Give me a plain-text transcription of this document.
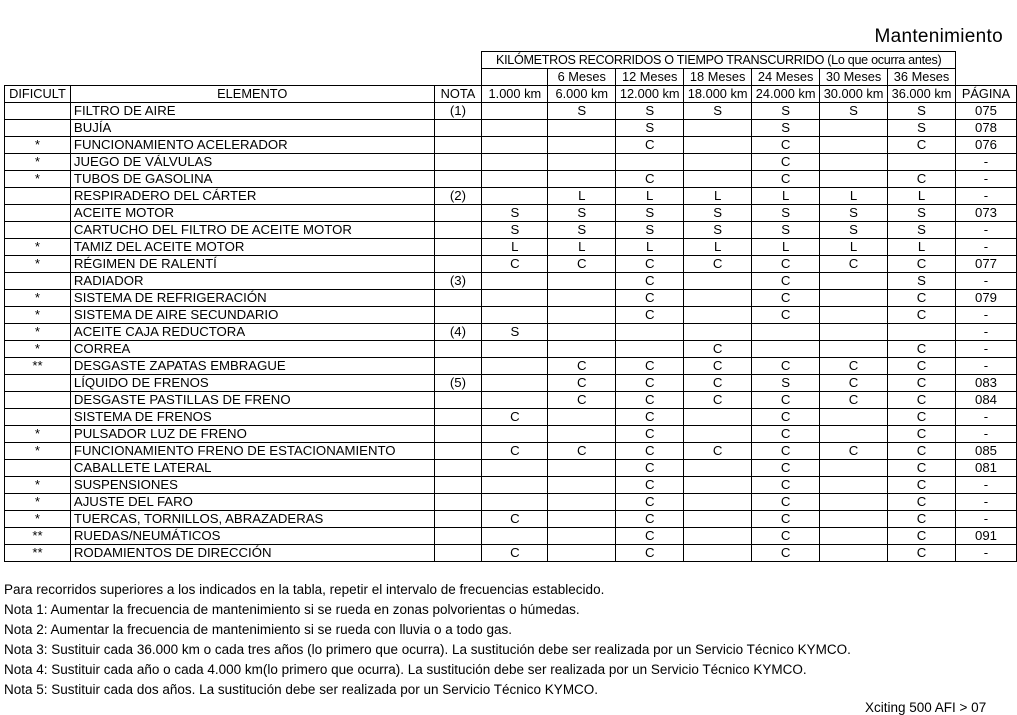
Mantenimiento
			KILÓMETROS RECORRIDOS O TIEMPO TRANSCURRIDO (Lo que ocurra antes)							
				6 Meses	12 Meses	18 Meses	24 Meses	30 Meses	36 Meses	
DIFICULT	ELEMENTO	NOTA	1.000 km	6.000 km	12.000 km	18.000 km	24.000 km	30.000 km	36.000 km	PÁGINA
	FILTRO DE AIRE	(1)		S	S	S	S	S	S	075
	BUJÍA				S		S		S	078
*	FUNCIONAMIENTO ACELERADOR				C		C		C	076
*	JUEGO DE VÁLVULAS						C			-
*	TUBOS DE GASOLINA				C		C		C	-
	RESPIRADERO DEL CÁRTER	(2)		L	L	L	L	L	L	-
	ACEITE MOTOR		S	S	S	S	S	S	S	073
	CARTUCHO DEL FILTRO DE ACEITE MOTOR		S	S	S	S	S	S	S	-
*	TAMIZ DEL ACEITE MOTOR		L	L	L	L	L	L	L	-
*	RÉGIMEN DE RALENTÍ		C	C	C	C	C	C	C	077
	RADIADOR	(3)			C		C		S	-
*	SISTEMA DE REFRIGERACIÓN				C		C		C	079
*	SISTEMA DE AIRE SECUNDARIO				C		C		C	-
*	ACEITE CAJA REDUCTORA	(4)	S							-
*	CORREA					C			C	-
**	DESGASTE ZAPATAS EMBRAGUE			C	C	C	C	C	C	-
	LÍQUIDO DE FRENOS	(5)		C	C	C	S	C	C	083
	DESGASTE PASTILLAS DE FRENO			C	C	C	C	C	C	084
	SISTEMA DE FRENOS		C		C		C		C	-
*	PULSADOR LUZ DE FRENO				C		C		C	-
*	FUNCIONAMIENTO FRENO DE ESTACIONAMIENTO		C	C	C	C	C	C	C	085
	CABALLETE LATERAL				C		C		C	081
*	SUSPENSIONES				C		C		C	-
*	AJUSTE DEL FARO				C		C		C	-
*	TUERCAS, TORNILLOS, ABRAZADERAS		C		C		C		C	-
**	RUEDAS/NEUMÁTICOS				C		C		C	091
**	RODAMIENTOS DE DIRECCIÓN		C		C		C		C	-
Para recorridos superiores a los indicados en la tabla, repetir el intervalo de frecuencias establecido.
Nota 1: Aumentar la frecuencia de mantenimiento si se rueda en zonas polvorientas o húmedas.
Nota 2: Aumentar la frecuencia de mantenimiento si se rueda con lluvia o a todo gas.
Nota 3: Sustituir cada 36.000 km o cada tres años (lo primero que ocurra). La sustitución debe ser realizada por un Servicio Técnico KYMCO.
Nota 4: Sustituir cada año o cada 4.000 km(lo primero que ocurra). La sustitución debe ser realizada por un Servicio Técnico KYMCO.
Nota 5: Sustituir cada dos años. La sustitución debe ser realizada por un Servicio Técnico KYMCO.
Xciting 500 AFI > 07
